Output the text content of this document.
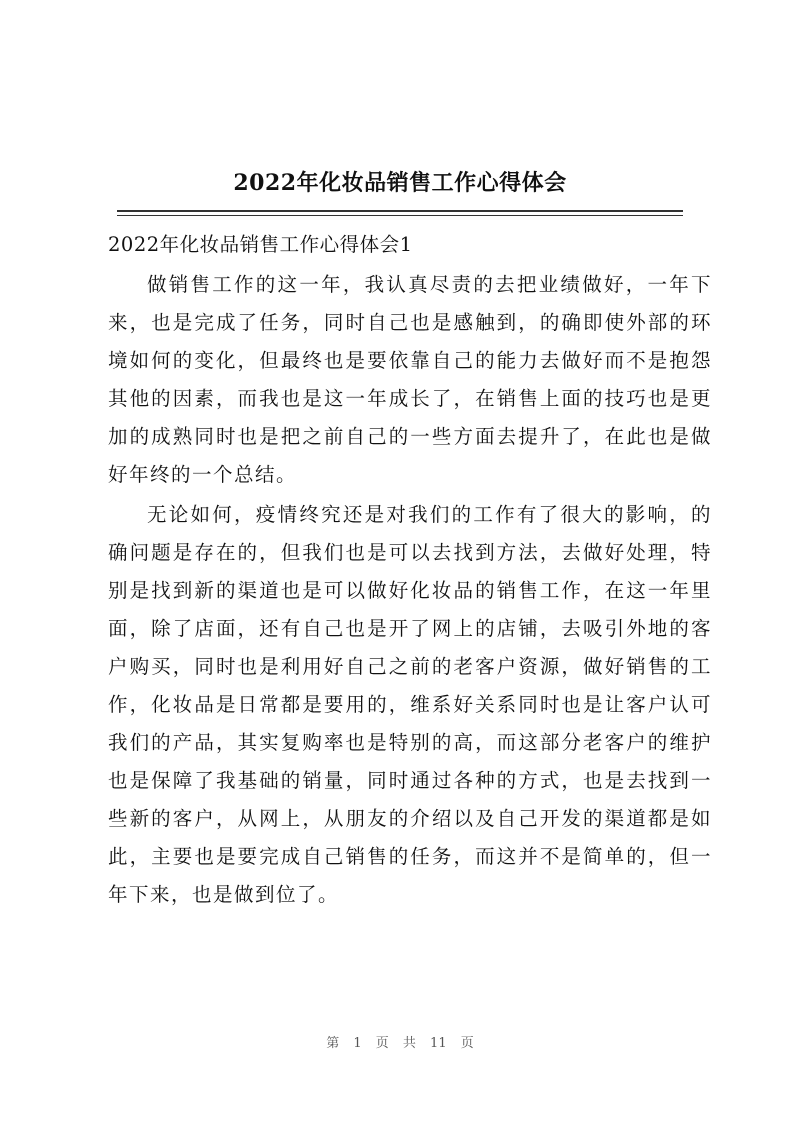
2022年化妆品销售工作心得体会

2022年化妆品销售工作心得体会1

做销售工作的这一年，我认真尽责的去把业绩做好，一年下来，也是完成了任务，同时自己也是感触到，的确即使外部的环境如何的变化，但最终也是要依靠自己的能力去做好而不是抱怨其他的因素，而我也是这一年成长了，在销售上面的技巧也是更加的成熟同时也是把之前自己的一些方面去提升了，在此也是做好年终的一个总结。

无论如何，疫情终究还是对我们的工作有了很大的影响，的确问题是存在的，但我们也是可以去找到方法，去做好处理，特别是找到新的渠道也是可以做好化妆品的销售工作，在这一年里面，除了店面，还有自己也是开了网上的店铺，去吸引外地的客户购买，同时也是利用好自己之前的老客户资源，做好销售的工作，化妆品是日常都是要用的，维系好关系同时也是让客户认可我们的产品，其实复购率也是特别的高，而这部分老客户的维护也是保障了我基础的销量，同时通过各种的方式，也是去找到一些新的客户，从网上，从朋友的介绍以及自己开发的渠道都是如此，主要也是要完成自己销售的任务，而这并不是简单的，但一年下来，也是做到位了。

第 1 页 共 11 页
